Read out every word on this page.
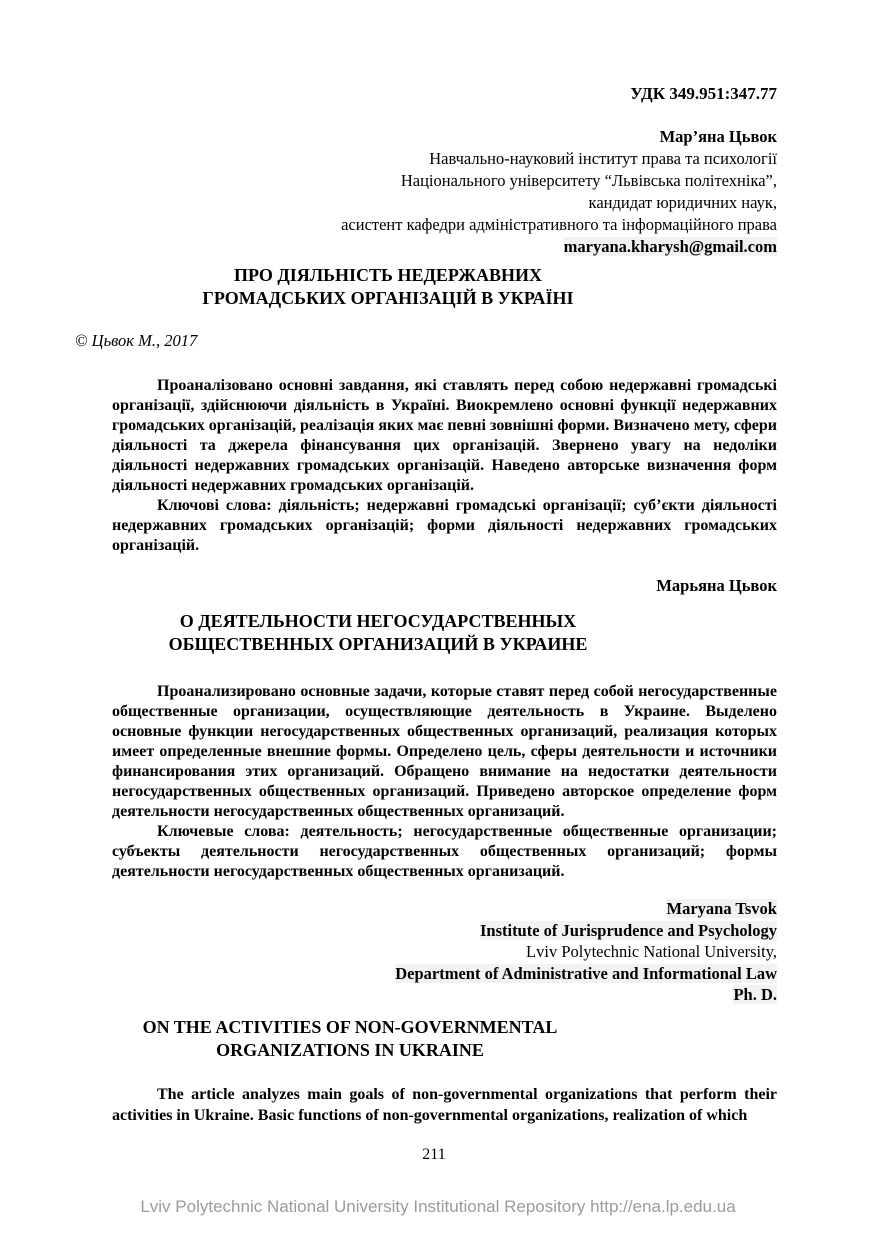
УДК 349.951:347.77
Мар’яна Цьвок
Навчально-науковий інститут права та психології
Національного університету “Львівська політехніка”,
кандидат юридичних наук,
асистент кафедри адміністративного та інформаційного права
maryana.kharysh@gmail.com
ПРО ДІЯЛЬНІСТЬ НЕДЕРЖАВНИХ
ГРОМАДСЬКИХ ОРГАНІЗАЦІЙ В УКРАЇНІ
© Цьвок М., 2017

Проаналізовано основні завдання, які ставлять перед собою недержавні громадські організації, здійснюючи діяльність в Україні. Виокремлено основні функції недержавних громадських організацій, реалізація яких має певні зовнішні форми. Визначено мету, сфери діяльності та джерела фінансування цих організацій. Звернено увагу на недоліки діяльності недержавних громадських організацій. Наведено авторське визначення форм діяльності недержавних громадських організацій.

Ключові слова: діяльність; недержавні громадські організації; суб’єкти діяльності недержавних громадських організацій; форми діяльності недержавних громадських організацій.

Марьяна Цьвок
О ДЕЯТЕЛЬНОСТИ НЕГОСУДАРСТВЕННЫХ
ОБЩЕСТВЕННЫХ ОРГАНИЗАЦИЙ В УКРАИНЕ

Проанализировано основные задачи, которые ставят перед собой негосударственные общественные организации, осуществляющие деятельность в Украине. Выделено основные функции негосударственных общественных организаций, реализация которых имеет определенные внешние формы. Определено цель, сферы деятельности и источники финансирования этих организаций. Обращено внимание на недостатки деятельности негосударственных общественных организаций. Приведено авторское определение форм деятельности негосударственных общественных организаций.

Ключевые слова: деятельность; негосударственные общественные организации; субъекты деятельности негосударственных общественных организаций; формы деятельности негосударственных общественных организаций.

Maryana Tsvok
Institute of Jurisprudence and Psychology
Lviv Polytechnic National University,
Department of Administrative and Informational Law
Ph. D.
ON THE ACTIVITIES OF NON-GOVERNMENTAL
ORGANIZATIONS IN UKRAINE

The article analyzes main goals of non-governmental organizations that perform their activities in Ukraine. Basic functions of non-governmental organizations, realization of which

211
Lviv Polytechnic National University Institutional Repository http://ena.lp.edu.ua
